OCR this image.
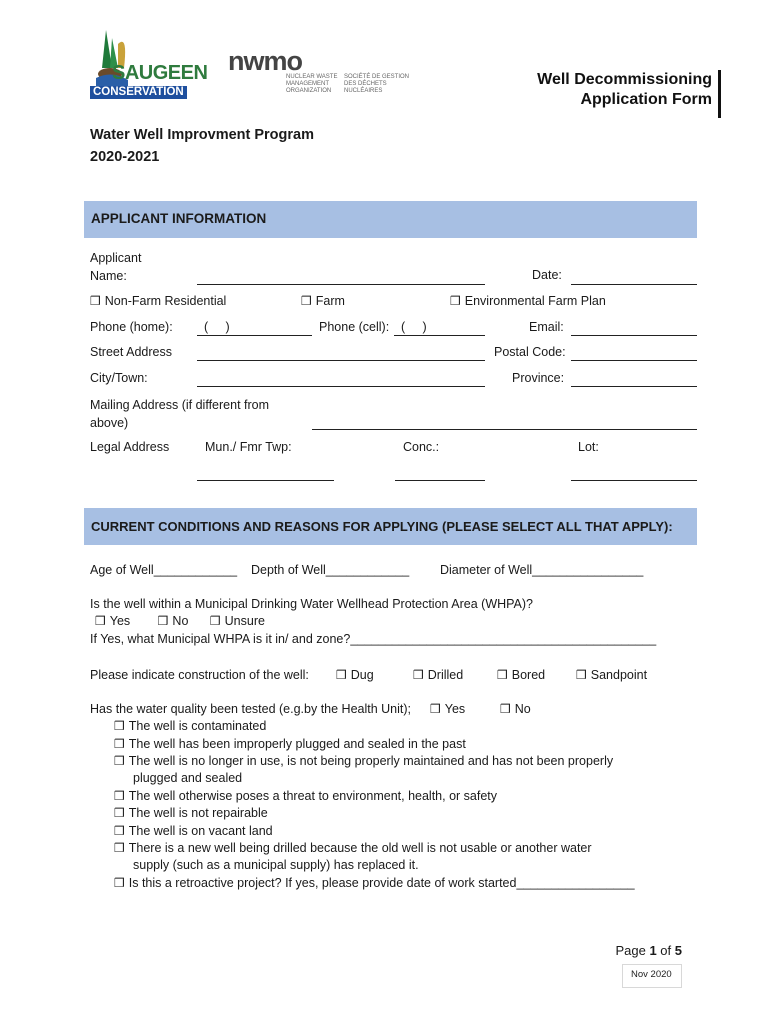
SAUGEEN
CONSERVATION
nwmo
NUCLEAR WASTE
MANAGEMENT
ORGANIZATION
SOCIÉTÉ DE GESTION
DES DÉCHETS
NUCLÉAIRES
Well Decommissioning
Application Form
Water Well Improvment Program
2020-2021
APPLICANT INFORMATION
Applicant
Name:	Date:
❒ Non-Farm Residential	❒ Farm	❒ Environmental Farm Plan
Phone (home):	(     )	Phone (cell): (     )	Email:
Street Address	Postal Code:
City/Town:	Province:
Mailing Address (if different from
above)
Legal Address	Mun./ Fmr Twp:	Conc.:	Lot:
CURRENT CONDITIONS AND REASONS FOR APPLYING (PLEASE SELECT ALL THAT APPLY):
Age of Well____________ Depth of Well____________ Diameter of Well________________
Is the well within a Municipal Drinking Water Wellhead Protection Area (WHPA)?
❒ Yes ❒ No ❒ Unsure
If Yes, what Municipal WHPA is it in/ and zone?____________________________________________
Please indicate construction of the well: ❒ Dug	❒ Drilled	❒ Bored	❒ Sandpoint
Has the water quality been tested (e.g.by the Health Unit); ❒ Yes	❒ No
❒ The well is contaminated
❒ The well has been improperly plugged and sealed in the past
❒ The well is no longer in use, is not being properly maintained and has not been properly
plugged and sealed
❒ The well otherwise poses a threat to environment, health, or safety
❒ The well is not repairable
❒ The well is on vacant land
❒ There is a new well being drilled because the old well is not usable or another water
supply (such as a municipal supply) has replaced it.
❒ Is this a retroactive project? If yes, please provide date of work started_________________
Page 1 of 5
Nov 2020
